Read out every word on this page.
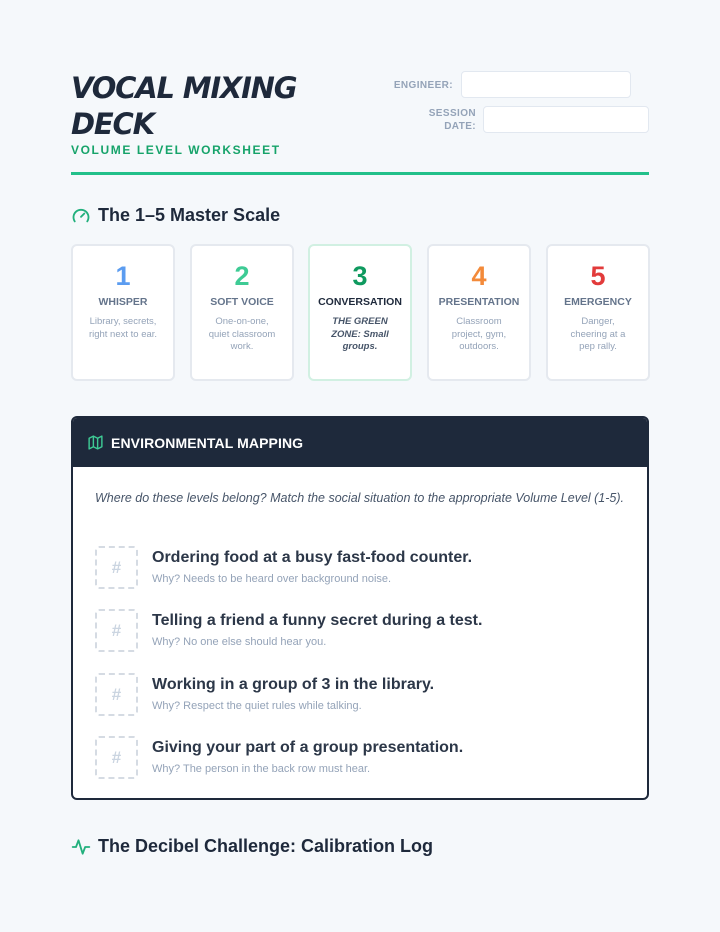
VOCAL MIXING
DECK
VOLUME LEVEL WORKSHEET
ENGINEER:
SESSION
DATE:
The 1–5 Master Scale
1
WHISPER
Library, secrets, right next to ear.
2
SOFT VOICE
One-on-one, quiet classroom work.
3
CONVERSATION
THE GREEN ZONE: Small groups.
4
PRESENTATION
Classroom project, gym, outdoors.
5
EMERGENCY
Danger, cheering at a pep rally.
ENVIRONMENTAL MAPPING
Where do these levels belong? Match the social situation to the appropriate Volume Level (1-5).
#	Ordering food at a busy fast-food counter.
Why? Needs to be heard over background noise.
#	Telling a friend a funny secret during a test.
Why? No one else should hear you.
#	Working in a group of 3 in the library.
Why? Respect the quiet rules while talking.
#	Giving your part of a group presentation.
Why? The person in the back row must hear.
The Decibel Challenge: Calibration Log
